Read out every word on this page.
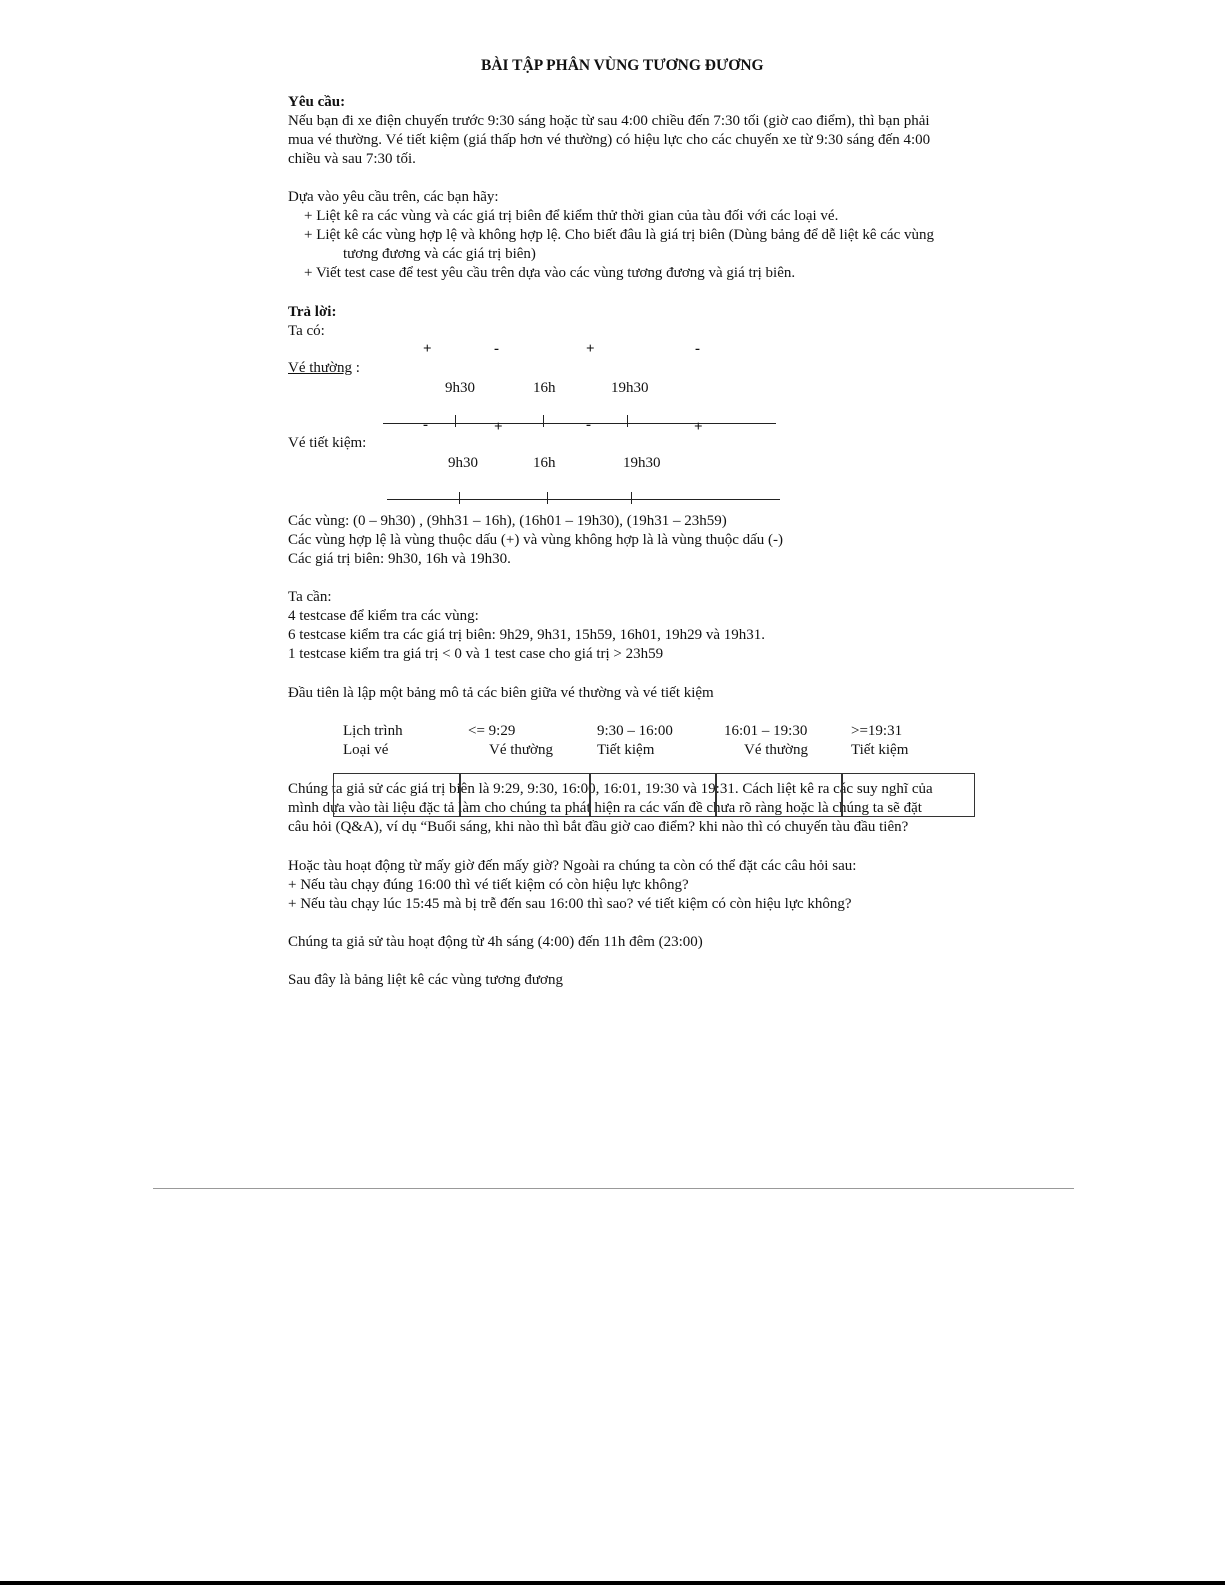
BÀI TẬP PHÂN VÙNG TƯƠNG ĐƯƠNG
Yêu cầu:
Nếu bạn đi xe điện chuyến trước 9:30 sáng hoặc từ sau 4:00 chiều đến 7:30 tối (giờ cao điểm), thì bạn phải
mua vé thường. Vé tiết kiệm (giá thấp hơn vé thường) có hiệu lực cho các chuyến xe từ 9:30 sáng đến 4:00
chiều và sau 7:30 tối.
Dựa vào yêu cầu trên, các bạn hãy:
+ Liệt kê ra các vùng và các giá trị biên để kiểm thử thời gian của tàu đối với các loại vé.
+ Liệt kê các vùng hợp lệ và không hợp lệ. Cho biết đâu là giá trị biên (Dùng bảng để dễ liệt kê các vùng
tương đương và các giá trị biên)
+ Viết test case để test yêu cầu trên dựa vào các vùng tương đương và giá trị biên.
Trả lời:
Ta có:
+	-	+	-
Vé thường :
9h30	16h	19h30
-	+	-	+
Vé tiết kiệm:
9h30	16h	19h30
Các vùng: (0 – 9h30) , (9hh31 – 16h), (16h01 – 19h30), (19h31 – 23h59)
Các vùng hợp lệ là vùng thuộc dấu (+) và vùng không hợp là là vùng thuộc dấu (-)
Các giá trị biên: 9h30, 16h và 19h30.
Ta cần:
4 testcase để kiểm tra các vùng:
6 testcase kiểm tra các giá trị biên: 9h29, 9h31, 15h59, 16h01, 19h29 và 19h31.
1 testcase kiểm tra giá trị < 0 và 1 test case cho giá trị > 23h59
Đầu tiên là lập một bảng mô tả các biên giữa vé thường và vé tiết kiệm
Lịch trình	<= 9:29	9:30 – 16:00	16:01 – 19:30	>=19:31
Loại vé	Vé thường	Tiết kiệm	Vé thường	Tiết kiệm
Chúng ta giả sử các giá trị biên là 9:29, 9:30, 16:00, 16:01, 19:30 và 19:31. Cách liệt kê ra các suy nghĩ của
mình dựa vào tài liệu đặc tả làm cho chúng ta phát hiện ra các vấn đề chưa rõ ràng hoặc là chúng ta sẽ đặt
câu hỏi (Q&A), ví dụ “Buổi sáng, khi nào thì bắt đầu giờ cao điểm? khi nào thì có chuyến tàu đầu tiên?
Hoặc tàu hoạt động từ mấy giờ đến mấy giờ? Ngoài ra chúng ta còn có thể đặt các câu hỏi sau:
+ Nếu tàu chạy đúng 16:00 thì vé tiết kiệm có còn hiệu lực không?
+ Nếu tàu chạy lúc 15:45 mà bị trễ đến sau 16:00 thì sao? vé tiết kiệm có còn hiệu lực không?
Chúng ta giả sử tàu hoạt động từ 4h sáng (4:00) đến 11h đêm (23:00)
Sau đây là bảng liệt kê các vùng tương đương
